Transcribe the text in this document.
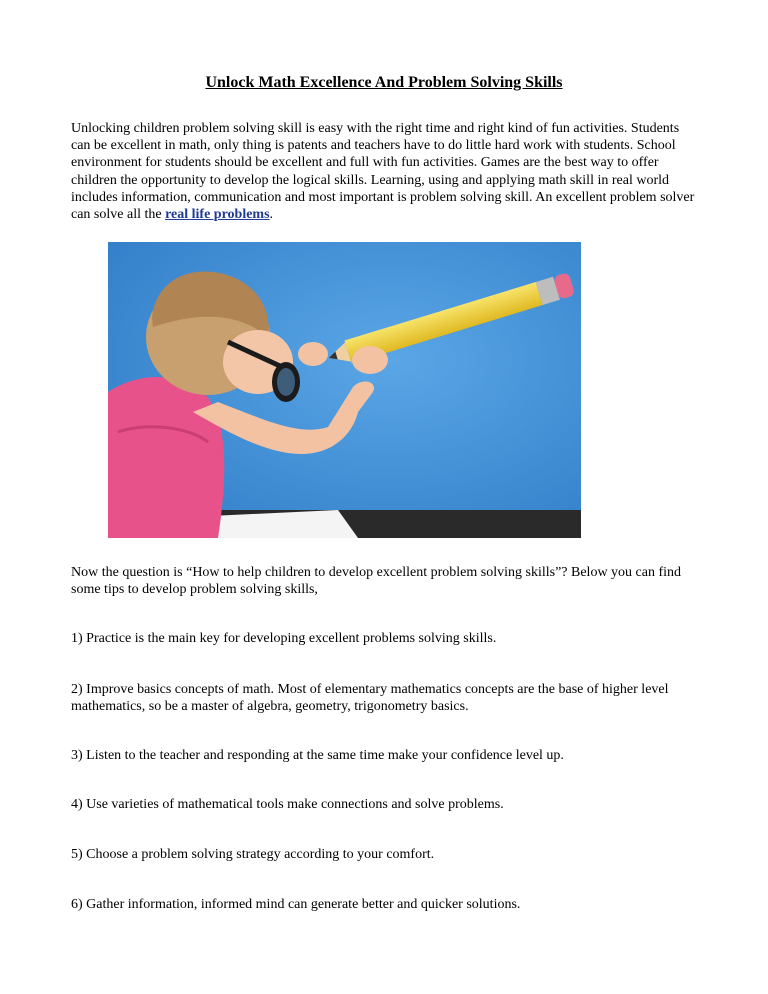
Unlock Math Excellence And Problem Solving Skills

Unlocking children problem solving skill is easy with the right time and right kind of fun activities. Students can be excellent in math, only thing is patents and teachers have to do little hard work with students. School environment for students should be excellent and full with fun activities. Games are the best way to offer children the opportunity to develop the logical skills. Learning, using and applying math skill in real world includes information, communication and most important is problem solving skill. An excellent problem solver can solve all the real life problems.

Now the question is “How to help children to develop excellent problem solving skills”? Below you can find some tips to develop problem solving skills,

1) Practice is the main key for developing excellent problems solving skills.

2) Improve basics concepts of math. Most of elementary mathematics concepts are the base of higher level mathematics, so be a master of algebra, geometry, trigonometry basics.

3) Listen to the teacher and responding at the same time make your confidence level up.

4) Use varieties of mathematical tools make connections and solve problems.

5) Choose a problem solving strategy according to your comfort.

6) Gather information, informed mind can generate better and quicker solutions.
